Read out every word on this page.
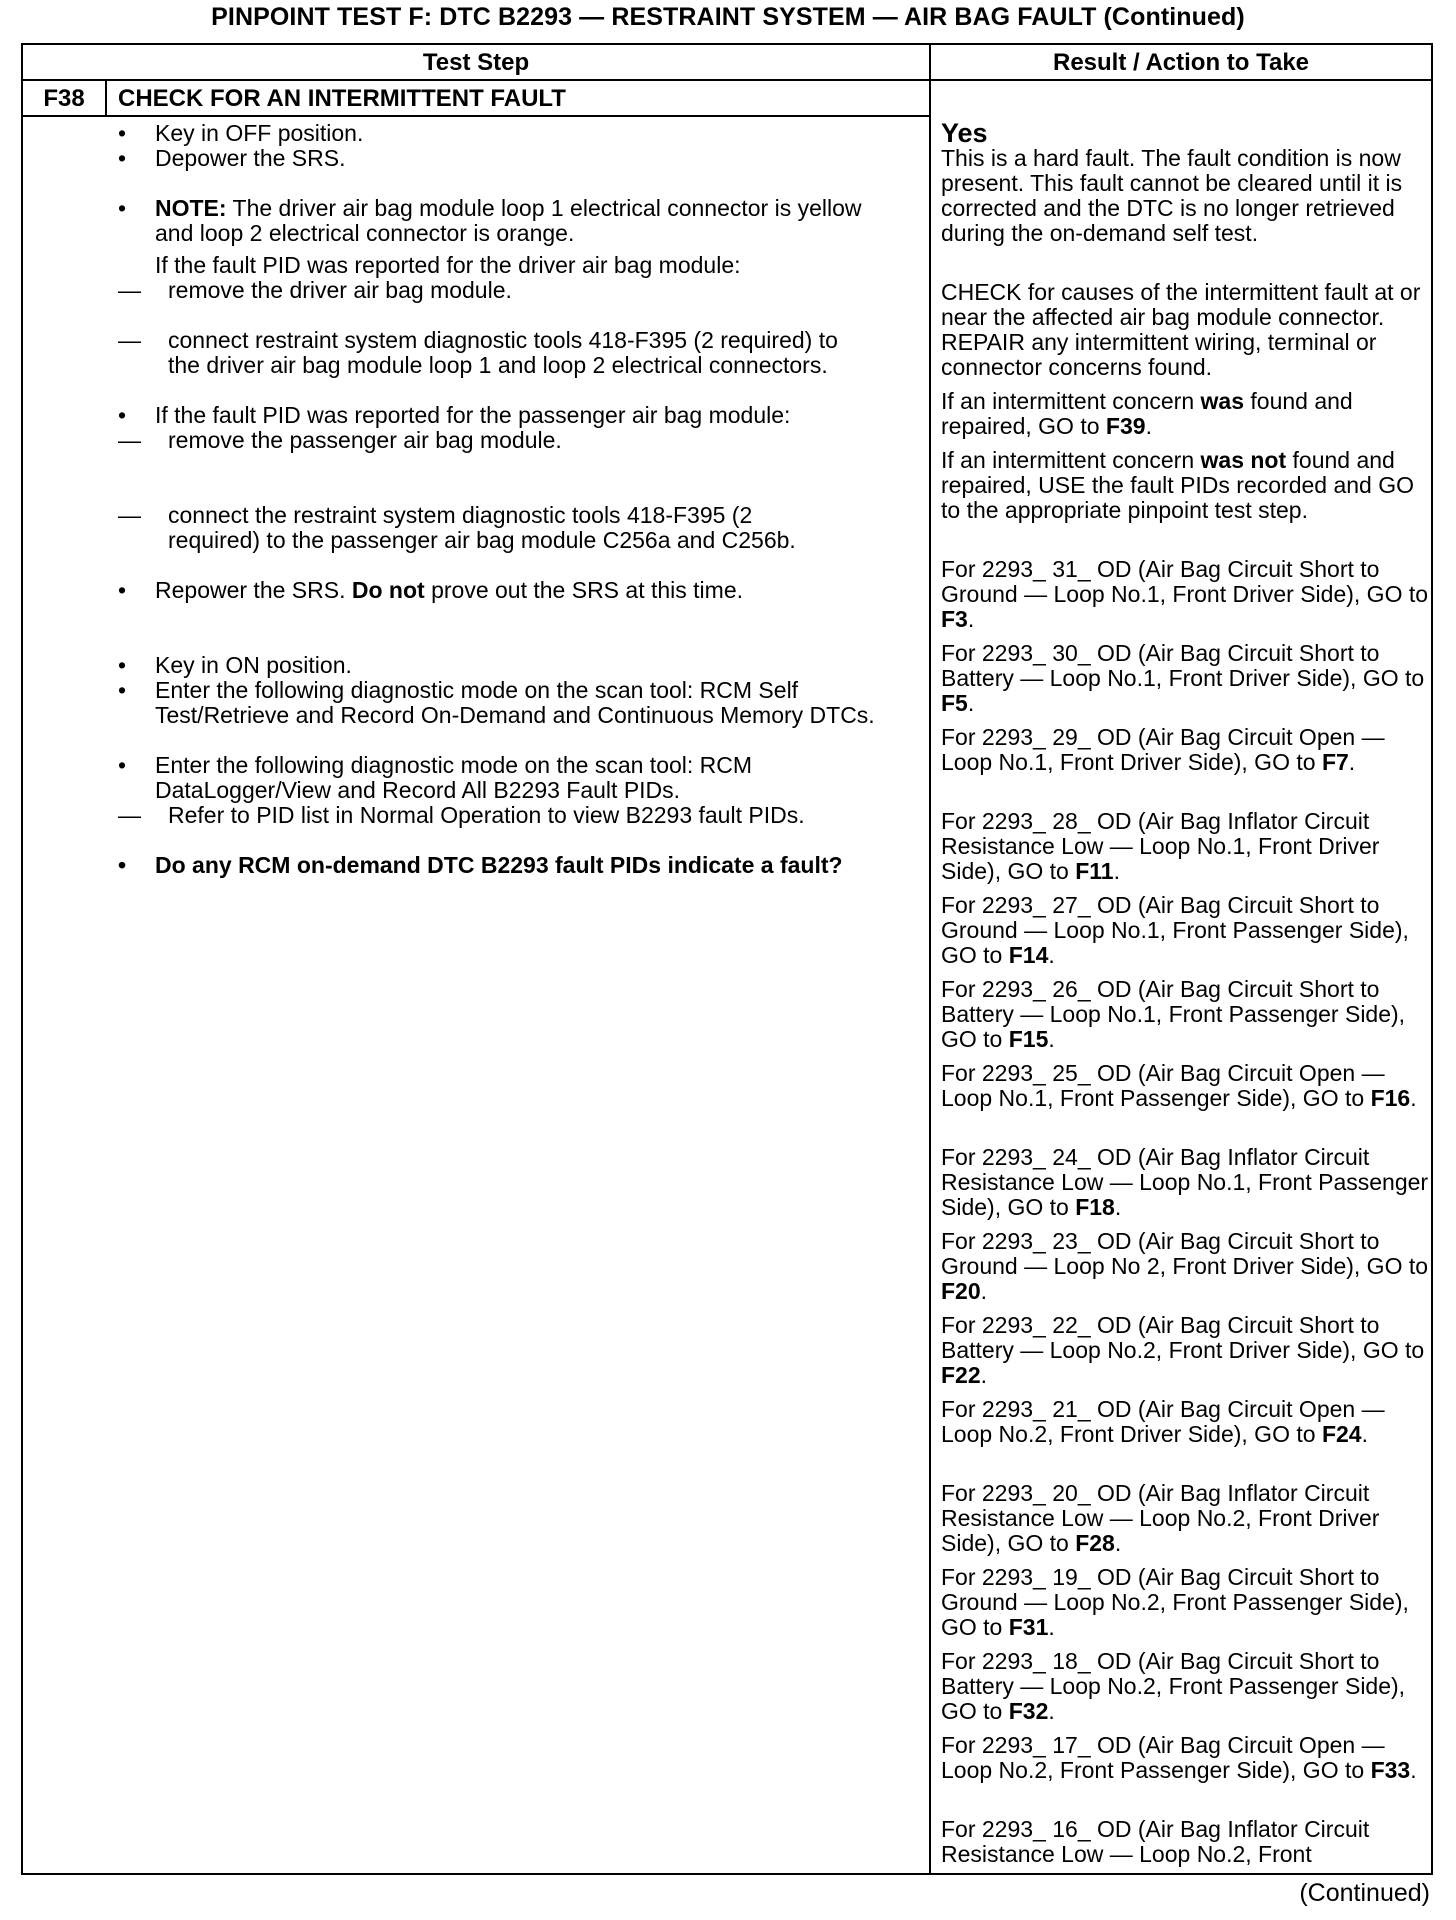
PINPOINT TEST F: DTC B2293 — RESTRAINT SYSTEM — AIR BAG FAULT (Continued)
Test Step	Result / Action to Take
F38	CHECK FOR AN INTERMITTENT FAULT
• Key in OFF position.
• Depower the SRS.
• NOTE: The driver air bag module loop 1 electrical connector is yellow and loop 2 electrical connector is orange.
If the fault PID was reported for the driver air bag module:
— remove the driver air bag module.
— connect restraint system diagnostic tools 418-F395 (2 required) to the driver air bag module loop 1 and loop 2 electrical connectors.
• If the fault PID was reported for the passenger air bag module:
— remove the passenger air bag module.
— connect the restraint system diagnostic tools 418-F395 (2 required) to the passenger air bag module C256a and C256b.
• Repower the SRS. Do not prove out the SRS at this time.
• Key in ON position.
• Enter the following diagnostic mode on the scan tool: RCM Self Test/Retrieve and Record On-Demand and Continuous Memory DTCs.
• Enter the following diagnostic mode on the scan tool: RCM DataLogger/View and Record All B2293 Fault PIDs.
— Refer to PID list in Normal Operation to view B2293 fault PIDs.
• Do any RCM on-demand DTC B2293 fault PIDs indicate a fault?
Yes
This is a hard fault. The fault condition is now present. This fault cannot be cleared until it is corrected and the DTC is no longer retrieved during the on-demand self test.
CHECK for causes of the intermittent fault at or near the affected air bag module connector. REPAIR any intermittent wiring, terminal or connector concerns found.
If an intermittent concern was found and repaired, GO to F39.
If an intermittent concern was not found and repaired, USE the fault PIDs recorded and GO to the appropriate pinpoint test step.
For 2293_ 31_ OD (Air Bag Circuit Short to Ground — Loop No.1, Front Driver Side), GO to F3.
For 2293_ 30_ OD (Air Bag Circuit Short to Battery — Loop No.1, Front Driver Side), GO to F5.
For 2293_ 29_ OD (Air Bag Circuit Open — Loop No.1, Front Driver Side), GO to F7.
For 2293_ 28_ OD (Air Bag Inflator Circuit Resistance Low — Loop No.1, Front Driver Side), GO to F11.
For 2293_ 27_ OD (Air Bag Circuit Short to Ground — Loop No.1, Front Passenger Side), GO to F14.
For 2293_ 26_ OD (Air Bag Circuit Short to Battery — Loop No.1, Front Passenger Side), GO to F15.
For 2293_ 25_ OD (Air Bag Circuit Open — Loop No.1, Front Passenger Side), GO to F16.
For 2293_ 24_ OD (Air Bag Inflator Circuit Resistance Low — Loop No.1, Front Passenger Side), GO to F18.
For 2293_ 23_ OD (Air Bag Circuit Short to Ground — Loop No 2, Front Driver Side), GO to F20.
For 2293_ 22_ OD (Air Bag Circuit Short to Battery — Loop No.2, Front Driver Side), GO to F22.
For 2293_ 21_ OD (Air Bag Circuit Open — Loop No.2, Front Driver Side), GO to F24.
For 2293_ 20_ OD (Air Bag Inflator Circuit Resistance Low — Loop No.2, Front Driver Side), GO to F28.
For 2293_ 19_ OD (Air Bag Circuit Short to Ground — Loop No.2, Front Passenger Side), GO to F31.
For 2293_ 18_ OD (Air Bag Circuit Short to Battery — Loop No.2, Front Passenger Side), GO to F32.
For 2293_ 17_ OD (Air Bag Circuit Open — Loop No.2, Front Passenger Side), GO to F33.
For 2293_ 16_ OD (Air Bag Inflator Circuit Resistance Low — Loop No.2, Front
(Continued)
